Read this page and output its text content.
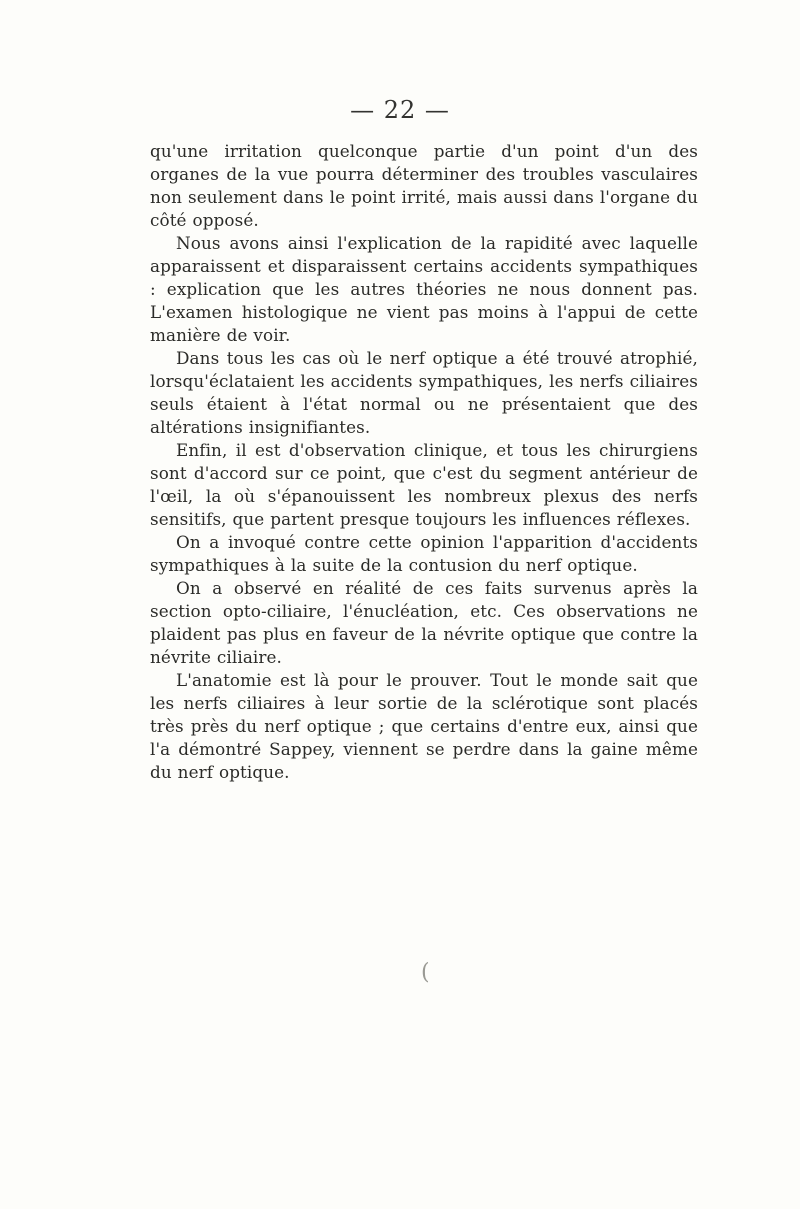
— 22 —

qu'une irritation quelconque partie d'un point d'un des organes de la vue pourra déterminer des troubles vasculaires non seulement dans le point irrité, mais aussi dans l'organe du côté opposé.

Nous avons ainsi l'explication de la rapidité avec laquelle apparaissent et disparaissent certains accidents sympathiques : explication que les autres théories ne nous donnent pas. L'examen histologique ne vient pas moins à l'appui de cette manière de voir.

Dans tous les cas où le nerf optique a été trouvé atrophié, lorsqu'éclataient les accidents sympathiques, les nerfs ciliaires seuls étaient à l'état normal ou ne présentaient que des altérations insignifiantes.

Enfin, il est d'observation clinique, et tous les chirurgiens sont d'accord sur ce point, que c'est du segment antérieur de l'œil, la où s'épanouissent les nombreux plexus des nerfs sensitifs, que partent presque toujours les influences réflexes.

On a invoqué contre cette opinion l'apparition d'accidents sympathiques à la suite de la contusion du nerf optique.

On a observé en réalité de ces faits survenus après la section opto-ciliaire, l'énucléation, etc. Ces observations ne plaident pas plus en faveur de la névrite optique que contre la névrite ciliaire.

L'anatomie est là pour le prouver. Tout le monde sait que les nerfs ciliaires à leur sortie de la sclérotique sont placés très près du nerf optique ; que certains d'entre eux, ainsi que l'a démontré Sappey, viennent se perdre dans la gaine même du nerf optique.

(
